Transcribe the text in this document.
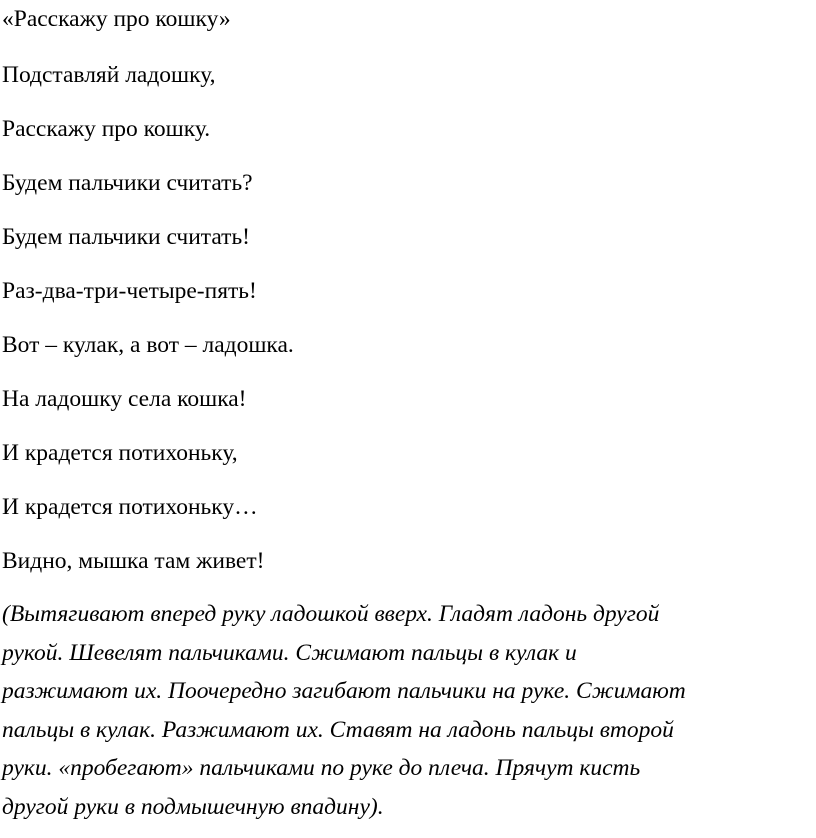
«Расскажу про кошку»

Подставляй ладошку,

Расскажу про кошку.

Будем пальчики считать?

Будем пальчики считать!

Раз-два-три-четыре-пять!

Вот – кулак, а вот – ладошка.

На ладошку села кошка!

И крадется потихоньку,

И крадется потихоньку…

Видно, мышка там живет!

(Вытягивают вперед руку ладошкой вверх. Гладят ладонь другой
рукой. Шевелят пальчиками. Сжимают пальцы в кулак и
разжимают их. Поочередно загибают пальчики на руке. Сжимают
пальцы в кулак. Разжимают их. Ставят на ладонь пальцы второй
руки. «пробегают» пальчиками по руке до плеча. Прячут кисть
другой руки в подмышечную впадину).
